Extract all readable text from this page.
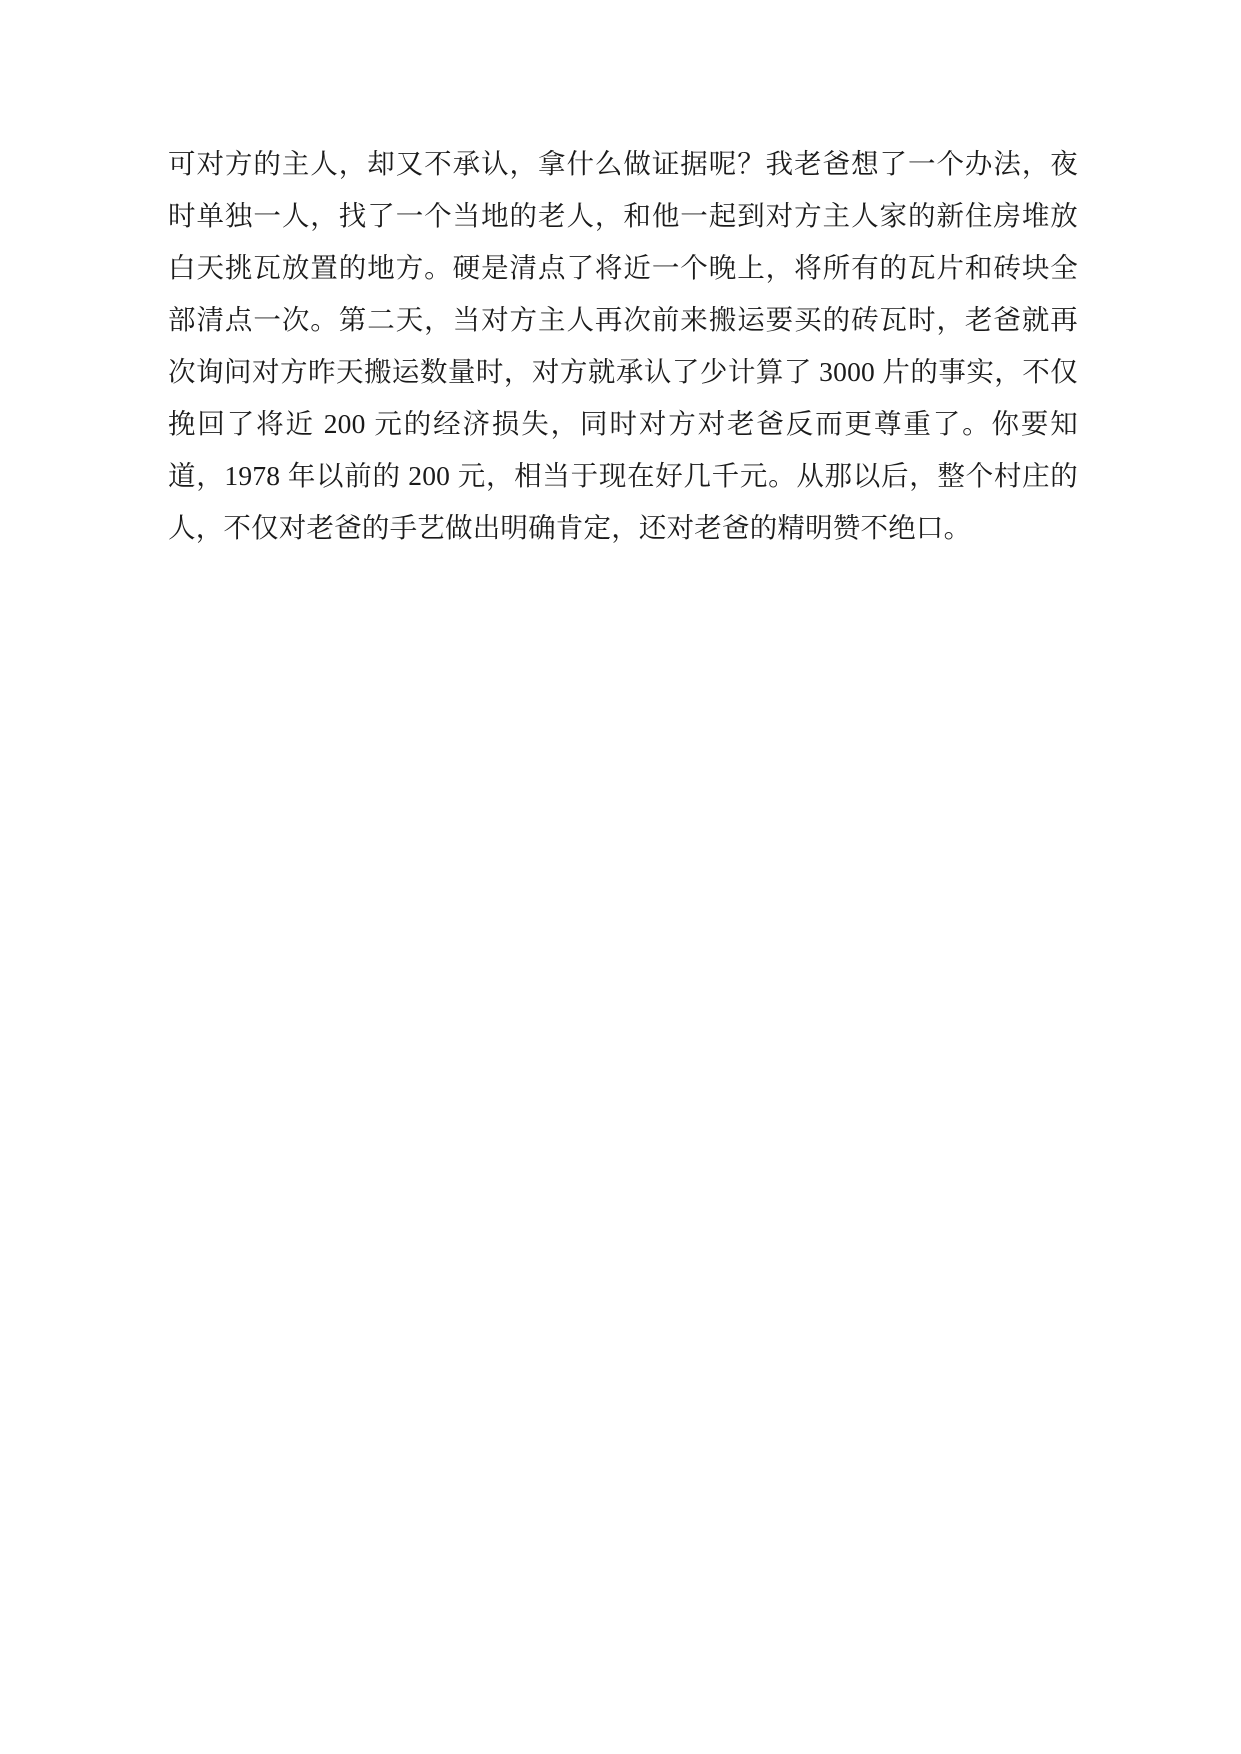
可对方的主人，却又不承认，拿什么做证据呢？我老爸想了一个办法，夜时单独一人，找了一个当地的老人，和他一起到对方主人家的新住房堆放白天挑瓦放置的地方。硬是清点了将近一个晚上，将所有的瓦片和砖块全部清点一次。第二天，当对方主人再次前来搬运要买的砖瓦时，老爸就再次询问对方昨天搬运数量时，对方就承认了少计算了 3000 片的事实，不仅挽回了将近 200 元的经济损失，同时对方对老爸反而更尊重了。你要知道，1978 年以前的 200 元，相当于现在好几千元。从那以后，整个村庄的人，不仅对老爸的手艺做出明确肯定，还对老爸的精明赞不绝口。
